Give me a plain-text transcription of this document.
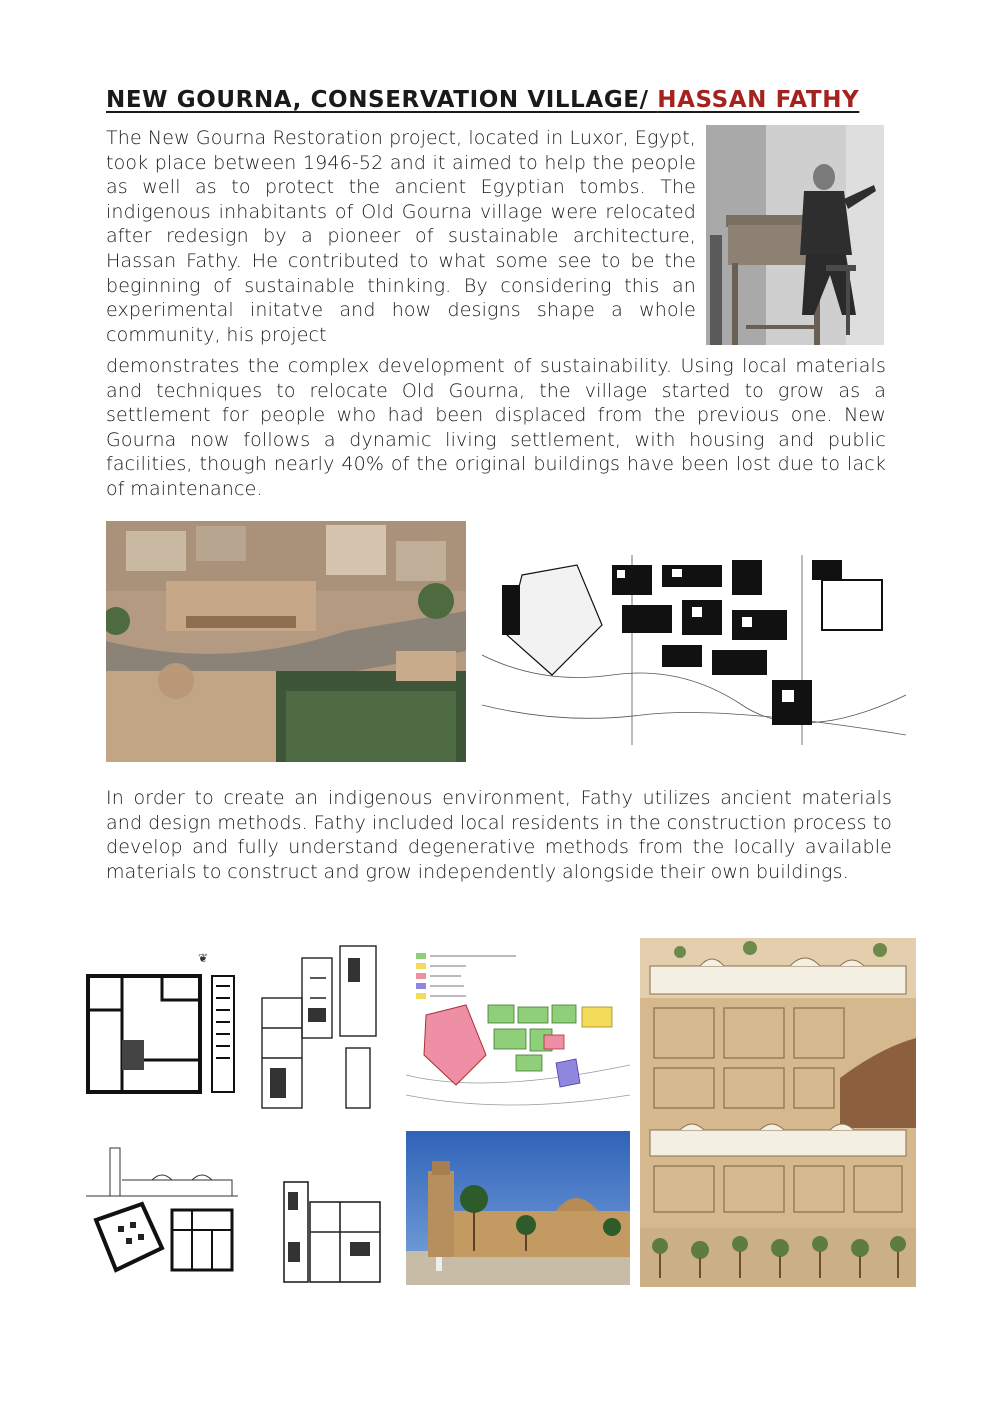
NEW GOURNA, CONSERVATION VILLAGE/ HASSAN FATHY

The New Gourna Restoration project, located in Luxor, Egypt, took place between 1946-52 and it aimed to help the people as well as to protect the ancient Egyptian tombs. The indigenous inhabitants of Old Gourna village were relocated after redesign by a pioneer of sustainable architecture, Hassan Fathy. He contributed to what some see to be the beginning of sustainable thinking. By considering this an experimental initatve and how designs shape a whole community, his project

demonstrates the complex development of sustainability. Using local materials and techniques to relocate Old Gourna, the village started to grow as a settlement for people who had been displaced from the previous one. New Gourna now follows a dynamic living settlement, with housing and public facilities, though nearly 40% of the original buildings have been lost due to lack of maintenance.

In order to create an indigenous environment, Fathy utilizes ancient materials and design methods. Fathy included local residents in the construction process to develop and fully understand degenerative methods from the locally available materials to construct and grow independently alongside their own buildings.

❦
